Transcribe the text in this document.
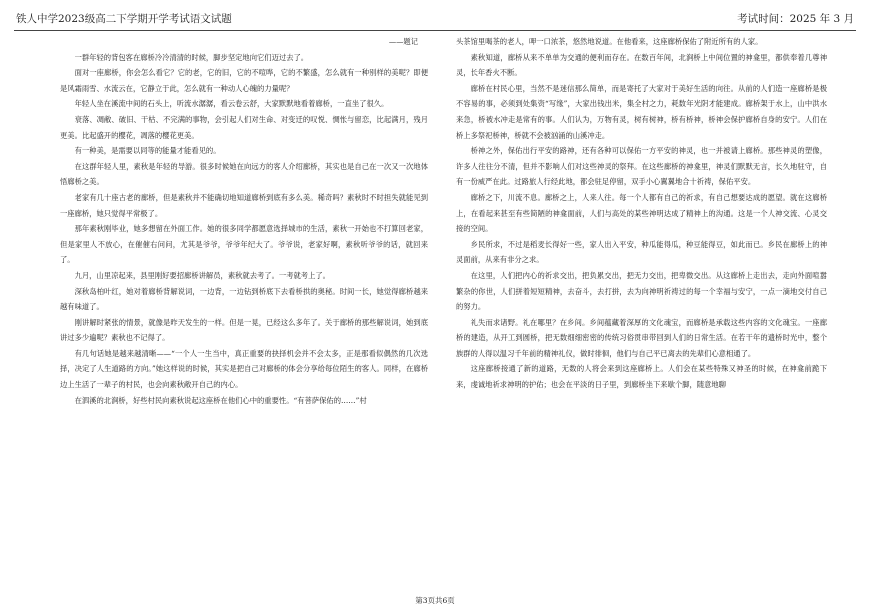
铁人中学2023级高二下学期开学考试语文试题	考试时间：2025 年 3 月

——题记

一群年轻的背包客在廊桥冷冷清清的时候，脚步坚定地向它们迈过去了。

面对一座廊桥，你会怎么看它？它的老，它的旧，它的不喧哗，它的不繁盛，怎么就有一种别样的美呢？即便是风霜雨雪、水流云在，它静立于此，怎么就有一种动人心魄的力量呢？

年轻人坐在溪流中间的石头上，听流水潺潺，看云卷云舒，大家默默地看着廊桥，一直坐了很久。

衰落、凋敝、破旧、干枯、不完满的事物，会引起人们对生命、对变迁的叹悦、惆怅与留恋，比起满月，残月更美。比起盛开的樱花，凋落的樱花更美。

有一种美，是需要以同等的能量才能看见的。

在这群年轻人里，素秋是年轻的导游。很多时候她在向远方的客人介绍廊桥，其实也是自己在一次又一次地体悟廊桥之美。

老家有几十座古老的廊桥，但是素秋并不能确切地知道廊桥到底有多么美。稀奇吗？素秋时不时担失就能见到一座廊桥，她只觉得平常极了。

那年素秋刚毕业，她多想留在外面工作。她的很多同学都愿意选择城市的生活，素秋一开始也不打算回老家，但是家里人不放心，在催催右问问，尤其是爷爷，爷爷年纪大了。爷爷说，老家好啊，素秋听爷爷的话，就回来了。

九月，山里凉起来，县里刚好要招廊桥讲解员，素秋就去考了。一考就考上了。

深秋岛柏叶红，她对着廊桥背解说词，一边背，一边钻到桥底下去看桥拱的奥秘。时间一长，她觉得廊桥越来越有味道了。

刚讲解时紧张的情景，就像是昨天发生的一样。但是一晃，已经这么多年了。关于廊桥的那些解说词，她到底讲过多少遍呢？素秋也不记得了。

有几句话她是越来越清晰——“一个人一生当中，真正重要的抉择机会并不会太多，正是那看似偶然的几次选择，决定了人生道路的方向。”她这样说的时候，其实是把自己对廊桥的体会分享给每位陌生的客人。同样，在廊桥边上生活了一辈子的村民，也会向素秋敞开自己的内心。

在泗溪的北涧桥，好些村民向素秋说起这座桥在他们心中的重要性。“有菩萨保佑的……”村

头茶馆里喝茶的老人，呷一口浓茶，悠然地说道。在他看来，这座廊桥保佑了附近所有的人家。

素秋知道，廊桥从来不单单为交通的便利而存在。在数百年间，北涧桥上中间位置的神龛里，都供奉着几尊神灵，长年香火不断。

廊桥在村民心里，当然不是迷信那么简单，而是寄托了大家对于美好生活的向往。从前的人们造一座廊桥是极不容易的事，必须到处集资“写缘”，大家出钱出米，集全村之力，耗数年光阴才能建成。廊桥架于水上，山中洪水来急，桥被水冲走是常有的事。人们认为，万物有灵，树有树神，桥有桥神，桥神会保护廊桥自身的安宁。人们在桥上多祭祀桥神，桥就不会被汹涌的山溪冲走。

桥神之外，保佑出行平安的路神，还有各种可以保佑一方平安的神灵，也一并被请上廊桥。那些神灵的塑像，许多人往往分不清，但并不影响人们对这些神灵的祭拜。在这些廊桥的神龛里，神灵们默默无言，长久地驻守，自有一份威严在此。过路旅人行经此地，都会驻足停留，双手小心翼翼地合十祈祷，保佑平安。

廊桥之下，川流不息。廊桥之上，人来人往。每一个人都有自己的祈求，有自己想要达成的愿望。就在这廊桥上，在看起来甚至有些简陋的神龛面前，人们与高处的某些神明达成了精神上的沟通。这是一个人神交流、心灵交接的空间。

乡民所求，不过是稻麦长得好一些，家人出入平安，种瓜能得瓜，种豆能得豆，如此而已。乡民在廊桥上的神灵面前，从来有非分之求。

在这里，人们把内心的祈求交出，把负累交出，把无力交出，把卑微交出。从这廊桥上走出去，走向外面喧嚣繁杂的你世，人们拼着短短精神，去奋斗，去打拼，去为向神明祈祷过的每一个幸福与安宁，一点一滴地交付自己的努力。

礼失而求诸野。礼在哪里？在乡间。乡间蕴藏着深厚的文化魂宝，而廊桥是承载这些内容的文化魂宝。一座廊桥的建造，从开工到圆桥，把无数细细密密的传统习俗贯串带回到人们的日常生活。在若干年的遗桥时光中，整个族群的人得以温习千年前的精神礼仪，做时徘徊，他们与自己平已离去的先辈们心意相通了。

这座廊桥接通了新的道路，无数的人将会来到这座廊桥上。人们会在某些特殊又神圣的时候，在神龛前跪下来，虔诚地祈求神明的护佑；也会在平淡的日子里，到廊桥坐下来歇个脚，随意地聊

第3页共6页
